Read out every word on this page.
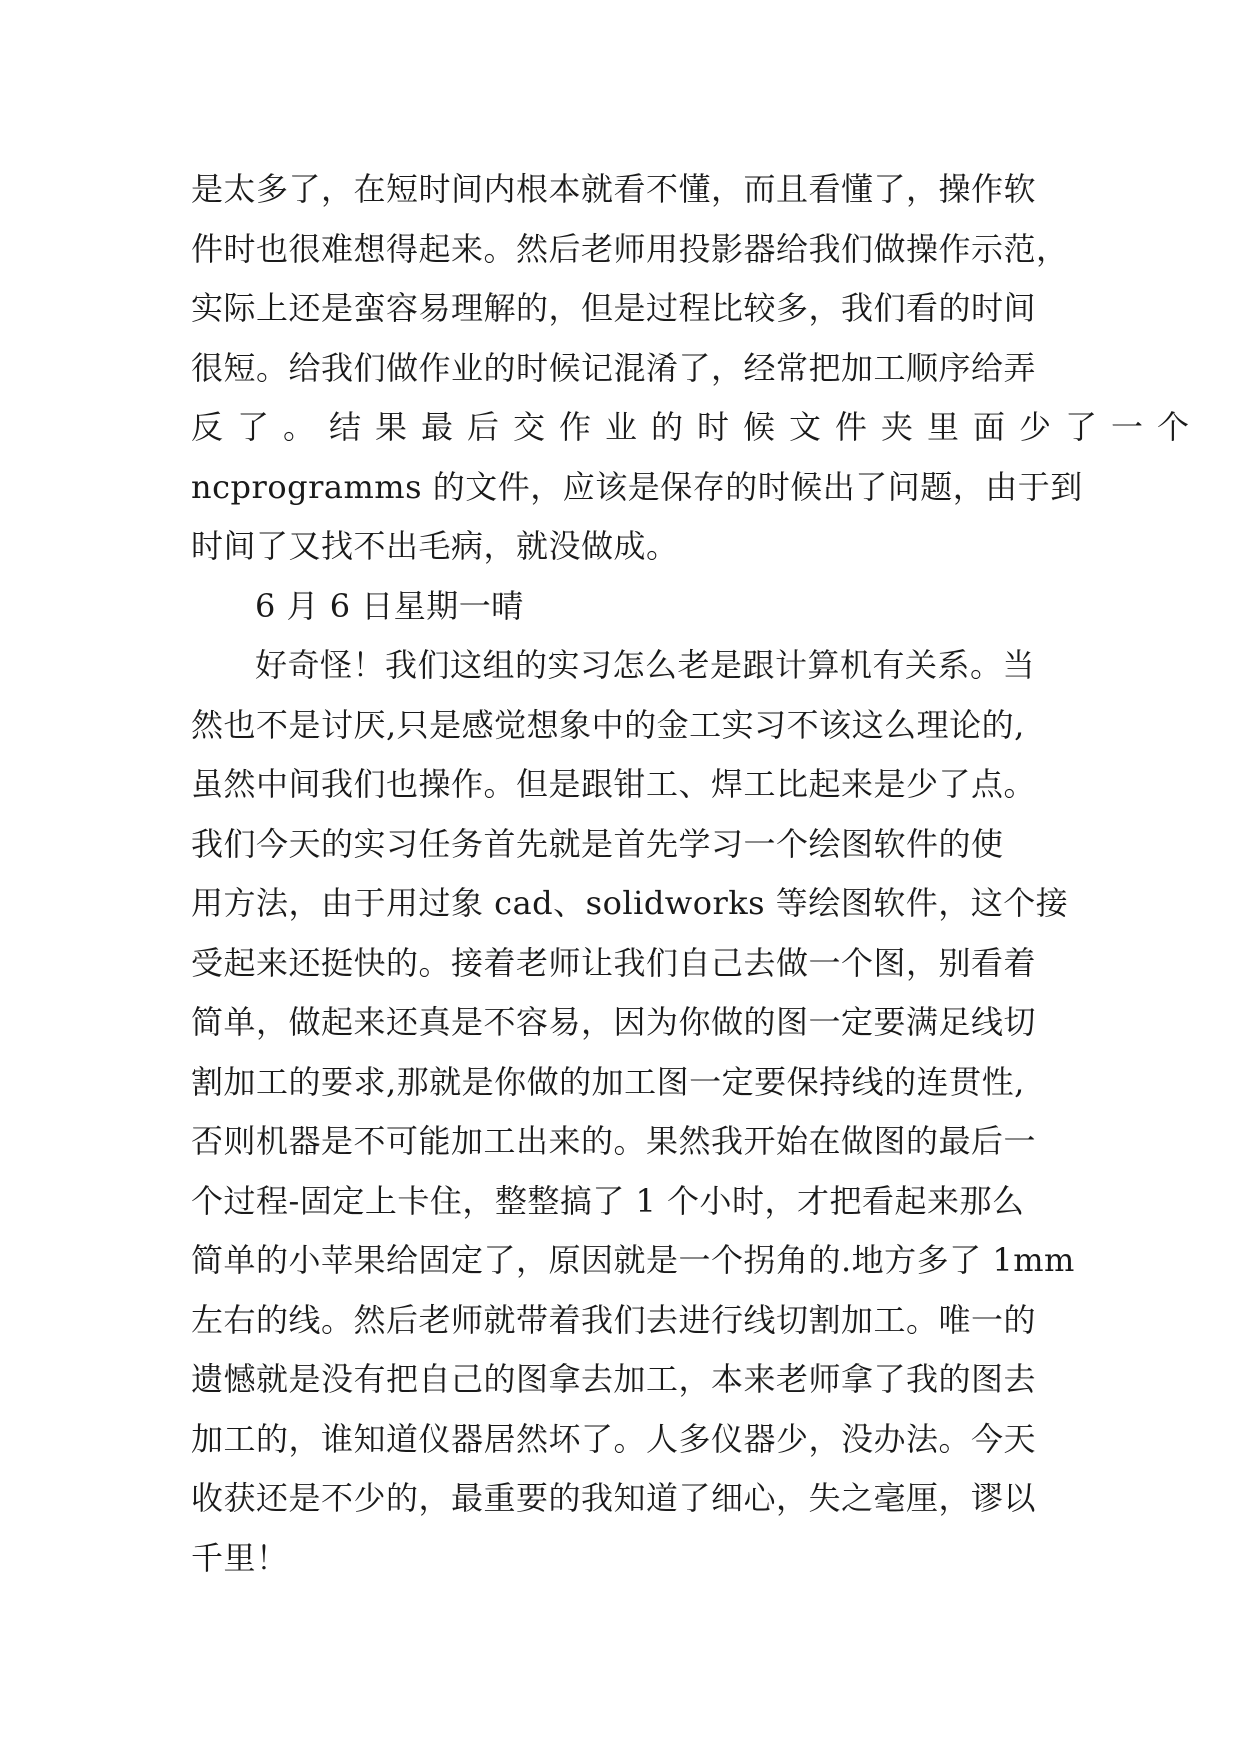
是太多了，在短时间内根本就看不懂，而且看懂了，操作软
件时也很难想得起来。然后老师用投影器给我们做操作示范，
实际上还是蛮容易理解的，但是过程比较多，我们看的时间
很短。给我们做作业的时候记混淆了，经常把加工顺序给弄
反了。结果最后交作业的时候文件夹里面少了一个
ncprogramms 的文件，应该是保存的时候出了问题，由于到
时间了又找不出毛病，就没做成。
6 月 6 日星期一晴
好奇怪！我们这组的实习怎么老是跟计算机有关系。当
然也不是讨厌,只是感觉想象中的金工实习不该这么理论的,
虽然中间我们也操作。但是跟钳工、焊工比起来是少了点。
我们今天的实习任务首先就是首先学习一个绘图软件的使
用方法，由于用过象 cad、solidworks 等绘图软件，这个接
受起来还挺快的。接着老师让我们自己去做一个图，别看着
简单，做起来还真是不容易，因为你做的图一定要满足线切
割加工的要求,那就是你做的加工图一定要保持线的连贯性,
否则机器是不可能加工出来的。果然我开始在做图的最后一
个过程-固定上卡住，整整搞了 1 个小时，才把看起来那么
简单的小苹果给固定了，原因就是一个拐角的.地方多了 1mm
左右的线。然后老师就带着我们去进行线切割加工。唯一的
遗憾就是没有把自己的图拿去加工，本来老师拿了我的图去
加工的，谁知道仪器居然坏了。人多仪器少，没办法。今天
收获还是不少的，最重要的我知道了细心，失之毫厘，谬以
千里！
